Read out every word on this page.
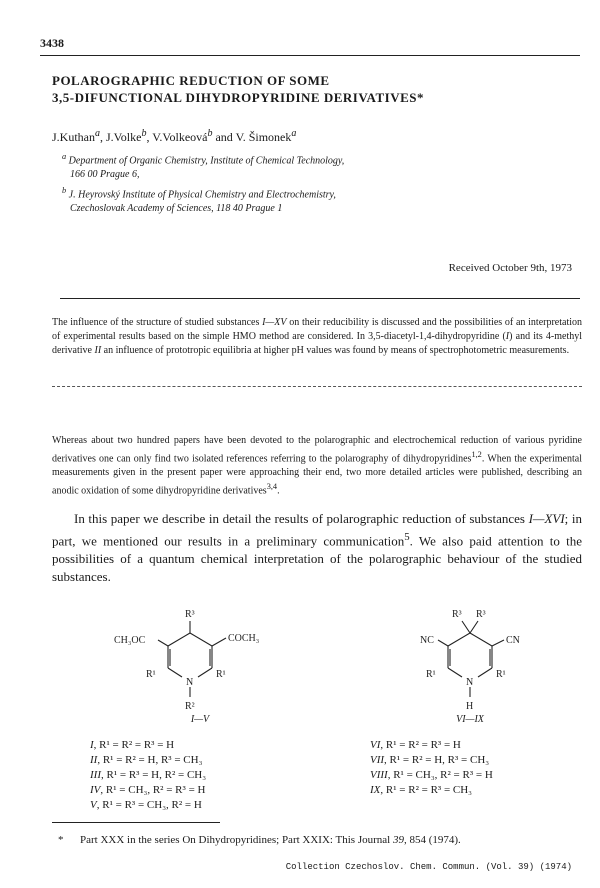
3438
POLAROGRAPHIC REDUCTION OF SOME
3,5-DIFUNCTIONAL DIHYDROPYRIDINE DERIVATIVES*
J.Kuthan$^a$, J.Volke$^b$, V.Volkeová$^b$ and V. Šimonek$^a$
$^a$ Department of Organic Chemistry, Institute of Chemical Technology,
166 00 Prague 6,
$^b$ J. Heyrovský Institute of Physical Chemistry and Electrochemistry,
Czechoslovak Academy of Sciences, 118 40 Prague 1
Received October 9th, 1973
The influence of the structure of studied substances I—XV on their reducibility is discussed and the possibilities of an interpretation of experimental results based on the simple HMO method are considered. In 3,5-diacetyl-1,4-dihydropyridine (I) and its 4-methyl derivative II an influence of prototropic equilibria at higher pH values was found by means of spectrophotometric measurements.
Whereas about two hundred papers have been devoted to the polarographic and electrochemical reduction of various pyridine derivatives one can only find two isolated references referring to the polarography of dihydropyridines$^{1,2}$. When the experimental measurements given in the present paper were approaching their end, two more detailed articles were published, describing an anodic oxidation of some dihydropyridine derivatives$^{3,4}$.

In this paper we describe in detail the results of polarographic reduction of substances I—XVI; in part, we mentioned our results in a preliminary communication$^5$. We also paid attention to the possibilities of a quantum chemical interpretation of the polarographic behaviour of the studied substances.

R³
CH₃OC	COCH₃
N
R¹	R¹
R²
I—V
R³ R³
NC	CN
N
R¹	R¹
H
VI—IX
I, R¹ = R² = R³ = H
II, R¹ = R² = H, R³ = CH₃
III, R¹ = R³ = H, R² = CH₃
IV, R¹ = CH₃, R² = R³ = H
V, R¹ = R³ = CH₃, R² = H
VI, R¹ = R² = R³ = H
VII, R¹ = R² = H, R³ = CH₃
VIII, R¹ = CH₃, R² = R³ = H
IX, R¹ = R² = R³ = CH₃
* Part XXX in the series On Dihydropyridines; Part XXIX: This Journal 39, 854 (1974).
Collection Czechoslov. Chem. Commun. (Vol. 39) (1974)
